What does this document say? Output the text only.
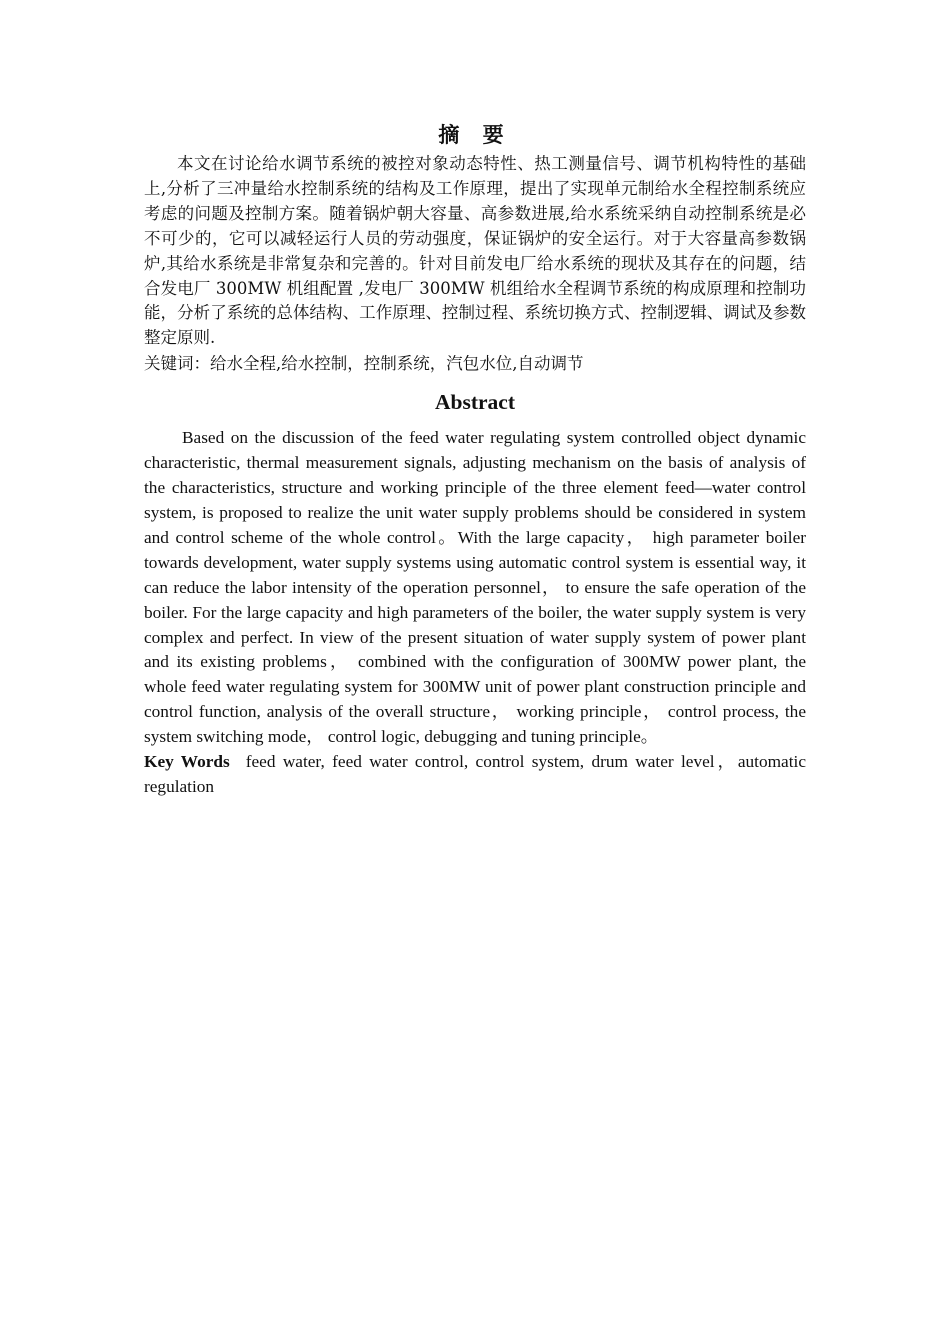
摘 要

本文在讨论给水调节系统的被控对象动态特性、热工测量信号、调节机构特性的基础上,分析了三冲量给水控制系统的结构及工作原理，提出了实现单元制给水全程控制系统应考虑的问题及控制方案。随着锅炉朝大容量、高参数进展,给水系统采纳自动控制系统是必不可少的，它可以减轻运行人员的劳动强度，保证锅炉的安全运行。对于大容量高参数锅炉,其给水系统是非常复杂和完善的。针对目前发电厂给水系统的现状及其存在的问题，结合发电厂 300MW 机组配置 ,发电厂 300MW 机组给水全程调节系统的构成原理和控制功能，分析了系统的总体结构、工作原理、控制过程、系统切换方式、控制逻辑、调试及参数整定原则.

关键词：给水全程,给水控制，控制系统，汽包水位,自动调节

Abstract

Based on the discussion of the feed water regulating system controlled object dynamic characteristic, thermal measurement signals, adjusting mechanism on the basis of analysis of the characteristics, structure and working principle of the three element feed—water control system, is proposed to realize the unit water supply problems should be considered in system and control scheme of the whole control。With the large capacity， high parameter boiler towards development, water supply systems using automatic control system is essential way, it can reduce the labor intensity of the operation personnel， to ensure the safe operation of the boiler. For the large capacity and high parameters of the boiler, the water supply system is very complex and perfect. In view of the present situation of water supply system of power plant and its existing problems， combined with the configuration of 300MW power plant, the whole feed water regulating system for 300MW unit of power plant construction principle and control function, analysis of the overall structure， working principle， control process, the system switching mode， control logic, debugging and tuning principle。

Key Words feed water, feed water control, control system, drum water level，automatic regulation
